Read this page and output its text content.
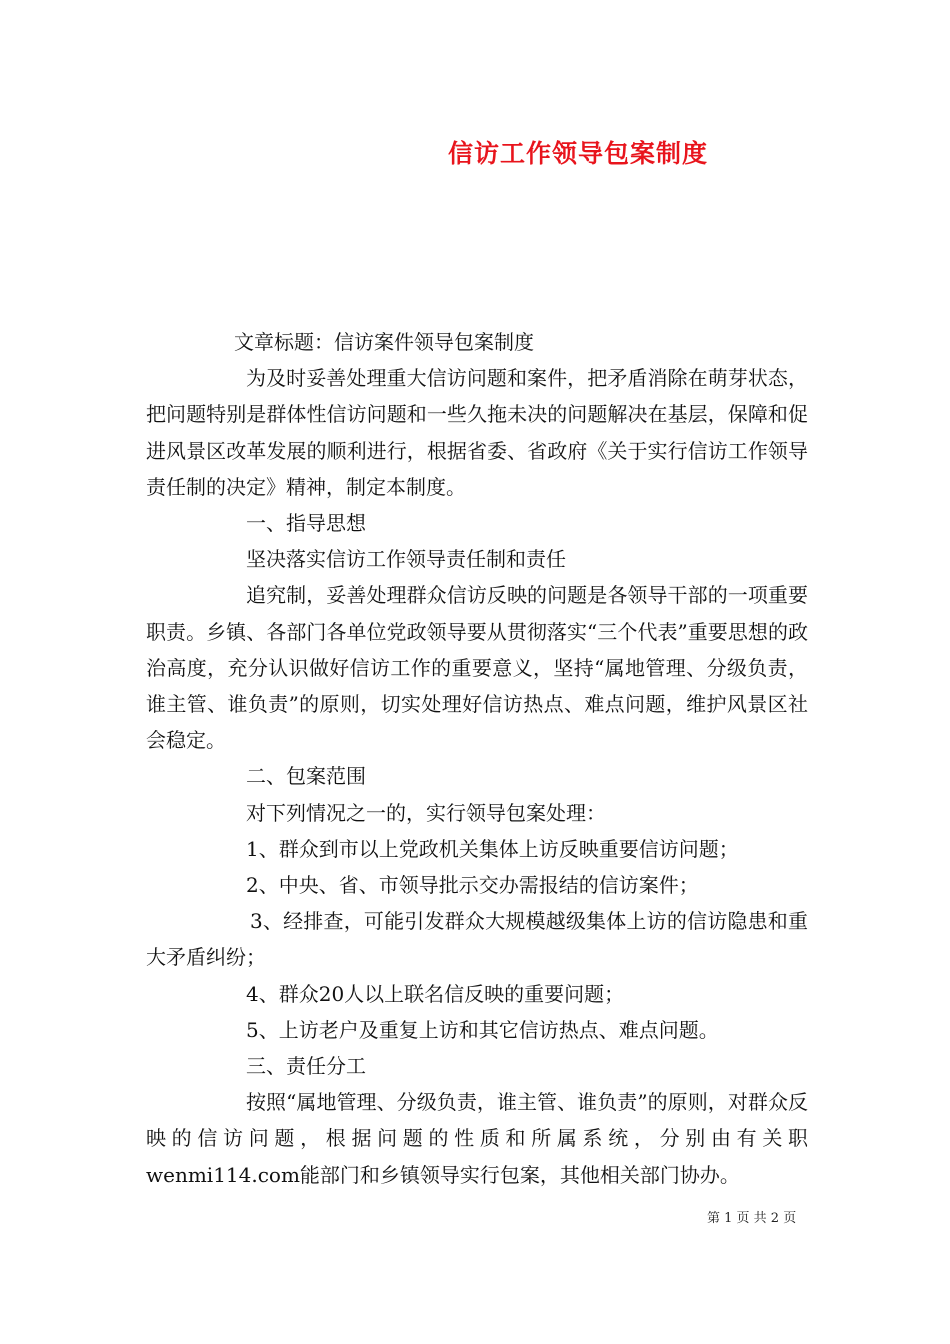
信访工作领导包案制度

文章标题：信访案件领导包案制度

为及时妥善处理重大信访问题和案件，把矛盾消除在萌芽状态，把问题特别是群体性信访问题和一些久拖未决的问题解决在基层，保障和促进风景区改革发展的顺利进行，根据省委、省政府《关于实行信访工作领导责任制的决定》精神，制定本制度。

一、指导思想

坚决落实信访工作领导责任制和责任

追究制，妥善处理群众信访反映的问题是各领导干部的一项重要职责。乡镇、各部门各单位党政领导要从贯彻落实“三个代表”重要思想的政治高度，充分认识做好信访工作的重要意义，坚持“属地管理、分级负责，谁主管、谁负责”的原则，切实处理好信访热点、难点问题，维护风景区社会稳定。

二、包案范围

对下列情况之一的，实行领导包案处理：

1、群众到市以上党政机关集体上访反映重要信访问题；

2、中央、省、市领导批示交办需报结的信访案件；

3、经排查，可能引发群众大规模越级集体上访的信访隐患和重大矛盾纠纷；

4、群众20人以上联名信反映的重要问题；

5、上访老户及重复上访和其它信访热点、难点问题。

三、责任分工

按照“属地管理、分级负责，谁主管、谁负责”的原则，对群众反映的信访问题，根据问题的性质和所属系统，分别由有关职wenmi114.com能部门和乡镇领导实行包案，其他相关部门协办。

第 1 页 共 2 页
